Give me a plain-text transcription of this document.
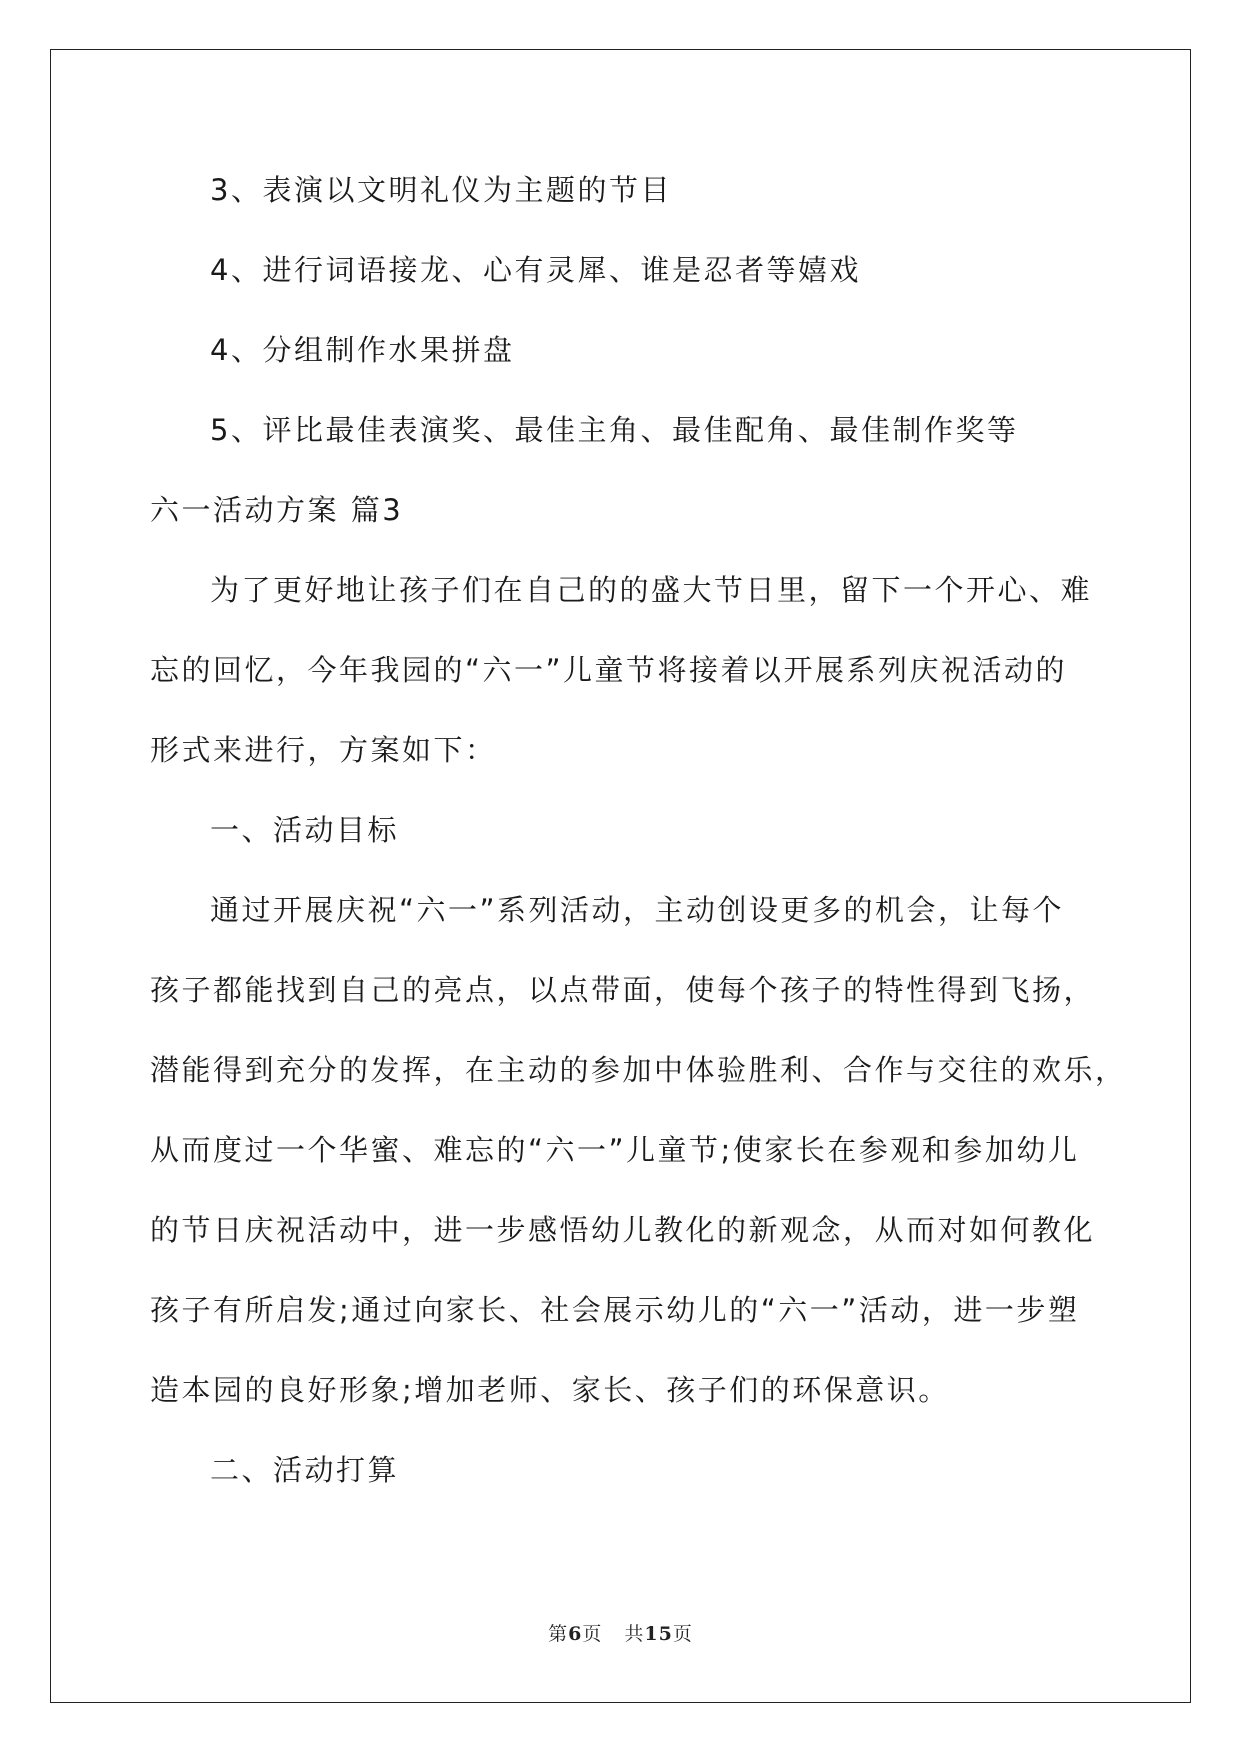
3、表演以文明礼仪为主题的节目
4、进行词语接龙、心有灵犀、谁是忍者等嬉戏
4、分组制作水果拼盘
5、评比最佳表演奖、最佳主角、最佳配角、最佳制作奖等
六一活动方案 篇3
为了更好地让孩子们在自己的的盛大节日里，留下一个开心、难
忘的回忆，今年我园的“六一”儿童节将接着以开展系列庆祝活动的
形式来进行，方案如下：
一、活动目标
通过开展庆祝“六一”系列活动，主动创设更多的机会，让每个
孩子都能找到自己的亮点，以点带面，使每个孩子的特性得到飞扬，
潜能得到充分的发挥，在主动的参加中体验胜利、合作与交往的欢乐，
从而度过一个华蜜、难忘的“六一”儿童节;使家长在参观和参加幼儿
的节日庆祝活动中，进一步感悟幼儿教化的新观念，从而对如何教化
孩子有所启发;通过向家长、社会展示幼儿的“六一”活动，进一步塑
造本园的良好形象;增加老师、家长、孩子们的环保意识。
二、活动打算
第6页 共15页
